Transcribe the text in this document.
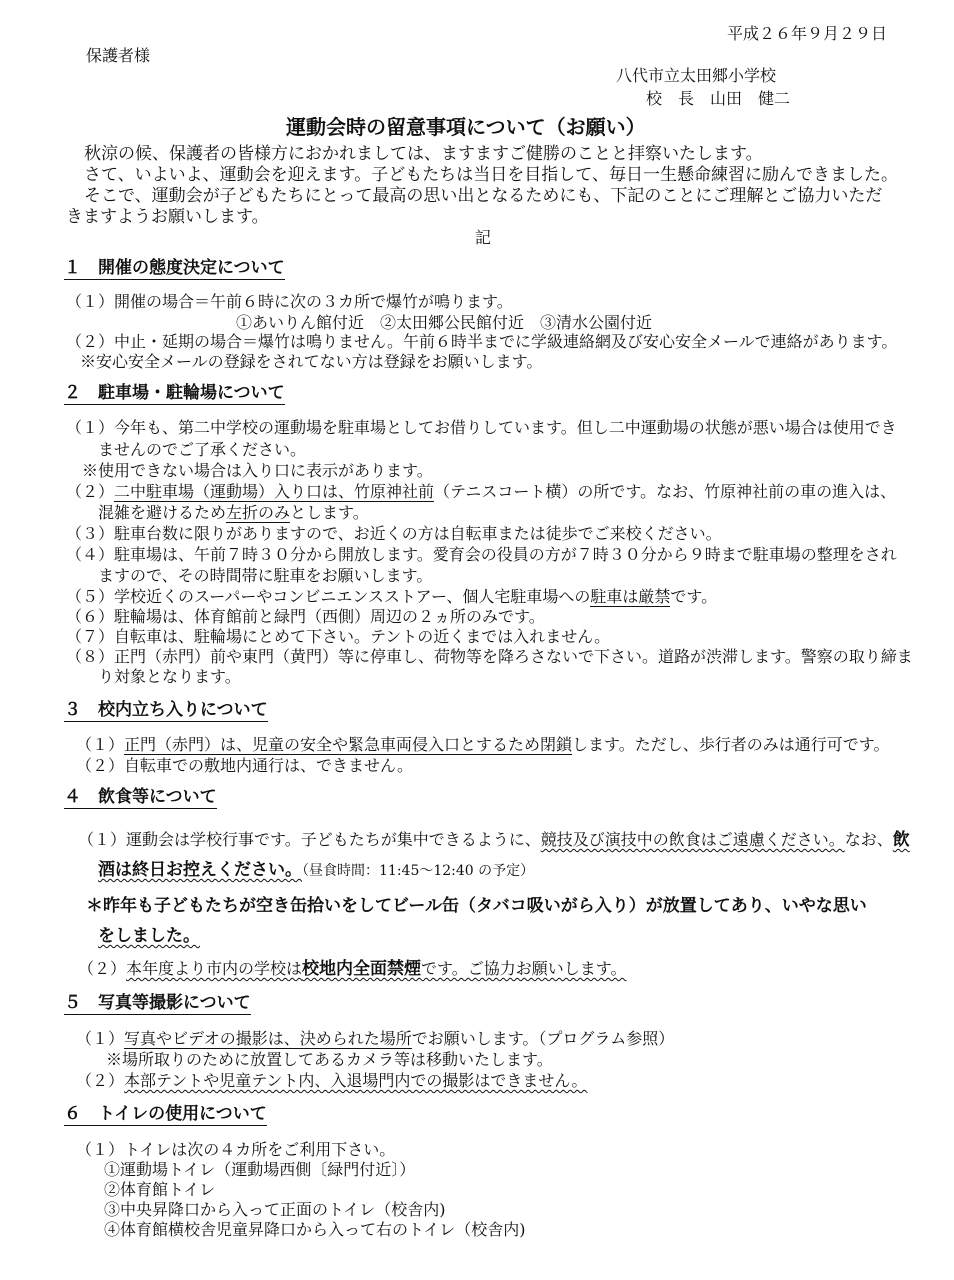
平成２６年９月２９日
保護者様
八代市立太田郷小学校
校　長　山田　健二
運動会時の留意事項について（お願い）
秋涼の候、保護者の皆様方におかれましては、ますますご健勝のことと拝察いたします。
さて、いよいよ、運動会を迎えます。子どもたちは当日を目指して、毎日一生懸命練習に励んできました。
そこで、運動会が子どもたちにとって最高の思い出となるためにも、下記のことにご理解とご協力いただ
きますようお願いします。
記
１　開催の態度決定について
（１）開催の場合＝午前６時に次の３カ所で爆竹が鳴ります。
①あいりん館付近　②太田郷公民館付近　③清水公園付近
（２）中止・延期の場合＝爆竹は鳴りません。午前６時半までに学級連絡網及び安心安全メールで連絡があります。
※安心安全メールの登録をされてない方は登録をお願いします。
２　駐車場・駐輪場について
（１）今年も、第二中学校の運動場を駐車場としてお借りしています。但し二中運動場の状態が悪い場合は使用でき
ませんのでご了承ください。
※使用できない場合は入り口に表示があります。
（２）二中駐車場（運動場）入り口は、竹原神社前（テニスコート横）の所です。なお、竹原神社前の車の進入は、
混雑を避けるため左折のみとします。
（３）駐車台数に限りがありますので、お近くの方は自転車または徒歩でご来校ください。
（４）駐車場は、午前７時３０分から開放します。愛育会の役員の方が７時３０分から９時まで駐車場の整理をされ
ますので、その時間帯に駐車をお願いします。
（５）学校近くのスーパーやコンビニエンスストアー、個人宅駐車場への駐車は厳禁です。
（６）駐輪場は、体育館前と緑門（西側）周辺の２ヵ所のみです。
（７）自転車は、駐輪場にとめて下さい。テントの近くまでは入れません。
（８）正門（赤門）前や東門（黄門）等に停車し、荷物等を降ろさないで下さい。道路が渋滞します。警察の取り締ま
り対象となります。
３　校内立ち入りについて
（１）正門（赤門）は、児童の安全や緊急車両侵入口とするため閉鎖します。ただし、歩行者のみは通行可です。
（２）自転車での敷地内通行は、できません。
４　飲食等について
（１）運動会は学校行事です。子どもたちが集中できるように、競技及び演技中の飲食はご遠慮ください。なお、飲
酒は終日お控えください。（昼食時間：11:45～12:40 の予定）
＊昨年も子どもたちが空き缶拾いをしてビール缶（タバコ吸いがら入り）が放置してあり、いやな思い
をしました。
（２）本年度より市内の学校は校地内全面禁煙です。ご協力お願いします。
５　写真等撮影について
（１）写真やビデオの撮影は、決められた場所でお願いします。（プログラム参照）
※場所取りのために放置してあるカメラ等は移動いたします。
（２）本部テントや児童テント内、入退場門内での撮影はできません。
６　トイレの使用について
（１）トイレは次の４カ所をご利用下さい。
①運動場トイレ（運動場西側〔緑門付近〕）
②体育館トイレ
③中央昇降口から入って正面のトイレ（校舎内)
④体育館横校舎児童昇降口から入って右のトイレ（校舎内)
